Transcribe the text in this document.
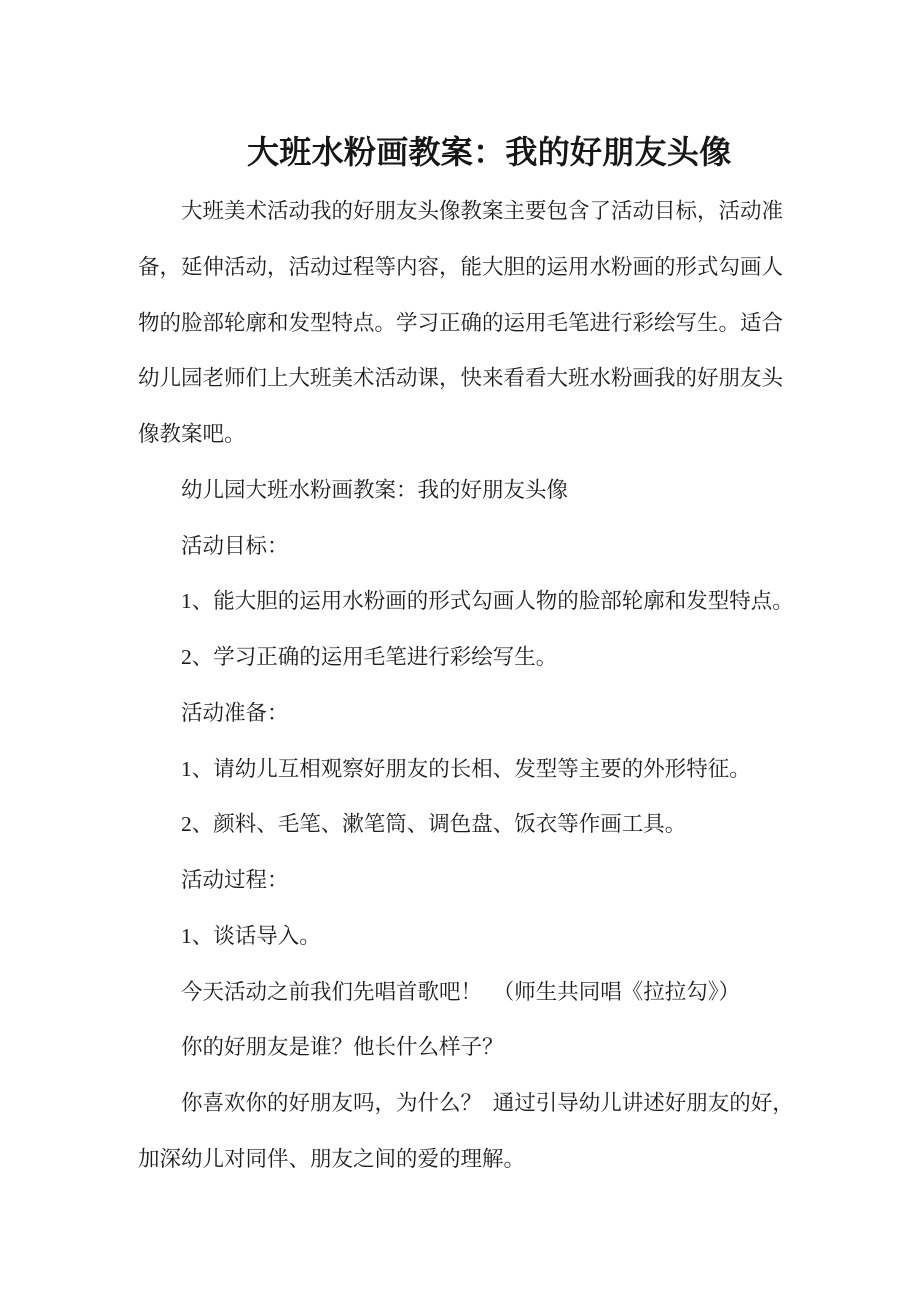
大班水粉画教案：我的好朋友头像
大班美术活动我的好朋友头像教案主要包含了活动目标，活动准
备，延伸活动，活动过程等内容，能大胆的运用水粉画的形式勾画人
物的脸部轮廓和发型特点。学习正确的运用毛笔进行彩绘写生。适合
幼儿园老师们上大班美术活动课，快来看看大班水粉画我的好朋友头
像教案吧。
幼儿园大班水粉画教案：我的好朋友头像
活动目标：
1、能大胆的运用水粉画的形式勾画人物的脸部轮廓和发型特点。
2、学习正确的运用毛笔进行彩绘写生。
活动准备：
1、请幼儿互相观察好朋友的长相、发型等主要的外形特征。
2、颜料、毛笔、漱笔筒、调色盘、饭衣等作画工具。
活动过程：
1、谈话导入。
今天活动之前我们先唱首歌吧！  （师生共同唱《拉拉勾》）
你的好朋友是谁？他长什么样子？
你喜欢你的好朋友吗，为什么？  通过引导幼儿讲述好朋友的好，
加深幼儿对同伴、朋友之间的爱的理解。
